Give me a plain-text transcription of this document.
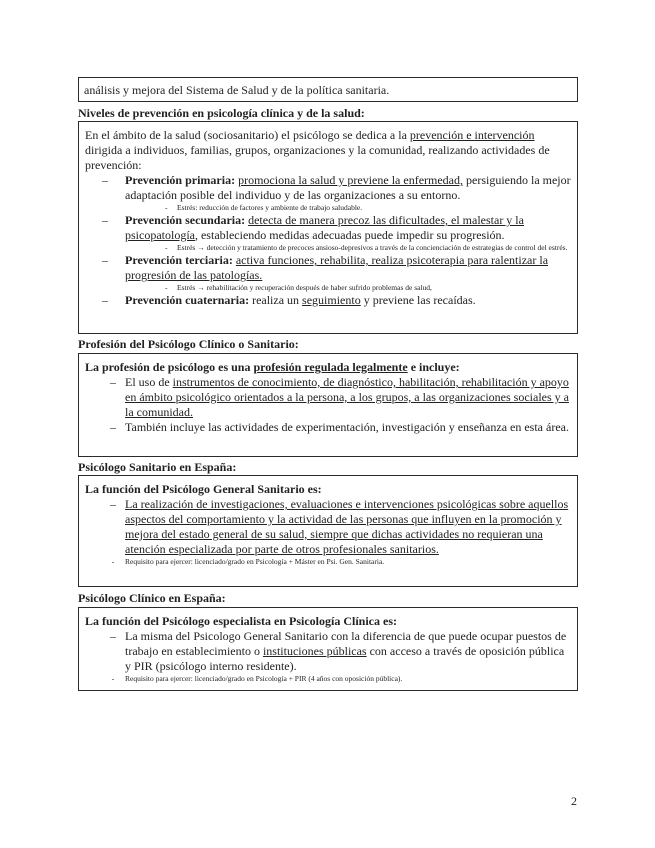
análisis y mejora del Sistema de Salud y de la política sanitaria.

Niveles de prevención en psicología clínica y de la salud:

En el ámbito de la salud (sociosanitario) el psicólogo se dedica a la prevención e intervención dirigida a individuos, familias, grupos, organizaciones y la comunidad, realizando actividades de prevención:

–	Prevención primaria: promociona la salud y previene la enfermedad, persiguiendo la mejor adaptación posible del individuo y de las organizaciones a su entorno.
-	Estrés: reducción de factores y ambiente de trabajo saludable.
–	Prevención secundaria: detecta de manera precoz las dificultades, el malestar y la psicopatología, estableciendo medidas adecuadas puede impedir su progresión.
-	Estrés → detección y tratamiento de precoces ansioso-depresivos a través de la concienciación de estrategias de control del estrés.
–	Prevención terciaria: activa funciones, rehabilita, realiza psicoterapia para ralentizar la progresión de las patologías.
-	Estrés → rehabilitación y recuperación después de haber sufrido problemas de salud,
–	Prevención cuaternaria: realiza un seguimiento y previene las recaídas.
Profesión del Psicólogo Clínico o Sanitario:

La profesión de psicólogo es una profesión regulada legalmente e incluye:

– El uso de instrumentos de conocimiento, de diagnóstico, habilitación, rehabilitación y apoyo en ámbito psicológico orientados a la persona, a los grupos, a las organizaciones sociales y a la comunidad.
– También incluye las actividades de experimentación, investigación y enseñanza en esta área.
Psicólogo Sanitario en España:

La función del Psicólogo General Sanitario es:

– La realización de investigaciones, evaluaciones e intervenciones psicológicas sobre aquellos aspectos del comportamiento y la actividad de las personas que influyen en la promoción y mejora del estado general de su salud, siempre que dichas actividades no requieran una atención especializada por parte de otros profesionales sanitarios.
-	Requisito para ejercer: licenciado/grado en Psicología + Máster en Psi. Gen. Sanitaria.
Psicólogo Clínico en España:

La función del Psicólogo especialista en Psicología Clínica es:

– La misma del Psicologo General Sanitario con la diferencia de que puede ocupar puestos de trabajo en establecimiento o instituciones públicas con acceso a través de oposición pública y PIR (psicólogo interno residente).
-	Requisito para ejercer: licenciado/grado en Psicología + PIR (4 años con oposición pública).
2
